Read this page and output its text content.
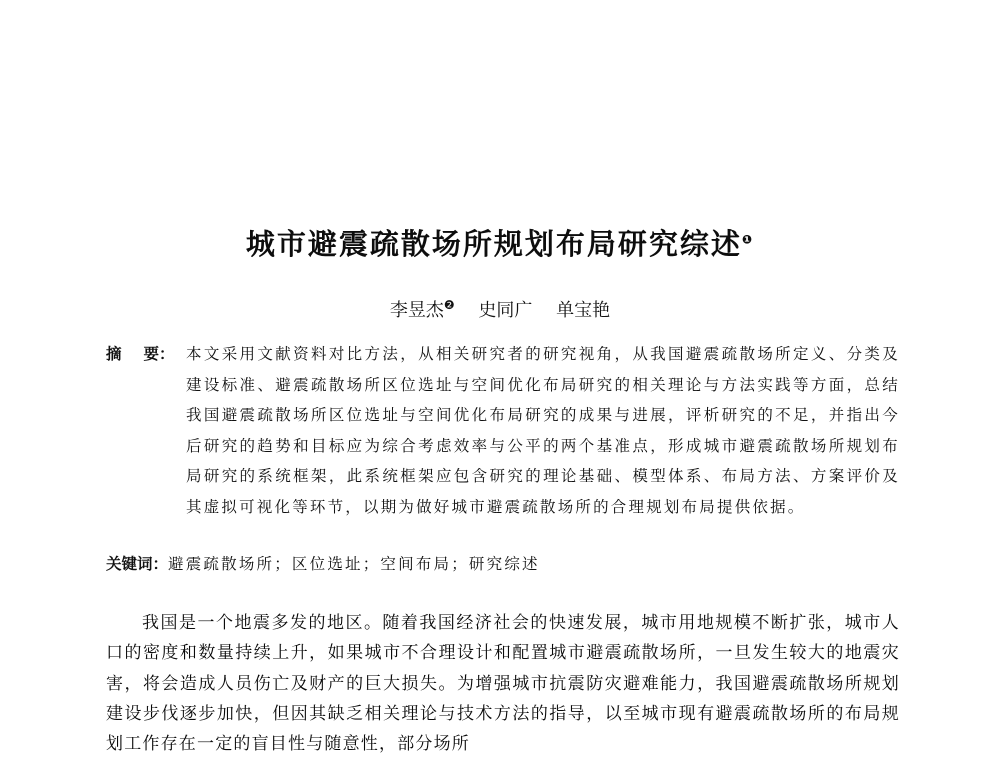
城市避震疏散场所规划布局研究综述$^❶$
李昱杰$^❷$ 史同广 单宝艳
摘 要： 本文采用文献资料对比方法，从相关研究者的研究视角，从我国避震疏散场所定义、分类及建设标准、避震疏散场所区位选址与空间优化布局研究的相关理论与方法实践等方面，总结我国避震疏散场所区位选址与空间优化布局研究的成果与进展，评析研究的不足，并指出今后研究的趋势和目标应为综合考虑效率与公平的两个基准点，形成城市避震疏散场所规划布局研究的系统框架，此系统框架应包含研究的理论基础、模型体系、布局方法、方案评价及其虚拟可视化等环节，以期为做好城市避震疏散场所的合理规划布局提供依据。
关键词：避震疏散场所；区位选址；空间布局；研究综述
我国是一个地震多发的地区。随着我国经济社会的快速发展，城市用地规模不断扩张，城市人口的密度和数量持续上升，如果城市不合理设计和配置城市避震疏散场所，一旦发生较大的地震灾害，将会造成人员伤亡及财产的巨大损失。为增强城市抗震防灾避难能力，我国避震疏散场所规划建设步伐逐步加快，但因其缺乏相关理论与技术方法的指导，以至城市现有避震疏散场所的布局规划工作存在一定的盲目性与随意性，部分场所
